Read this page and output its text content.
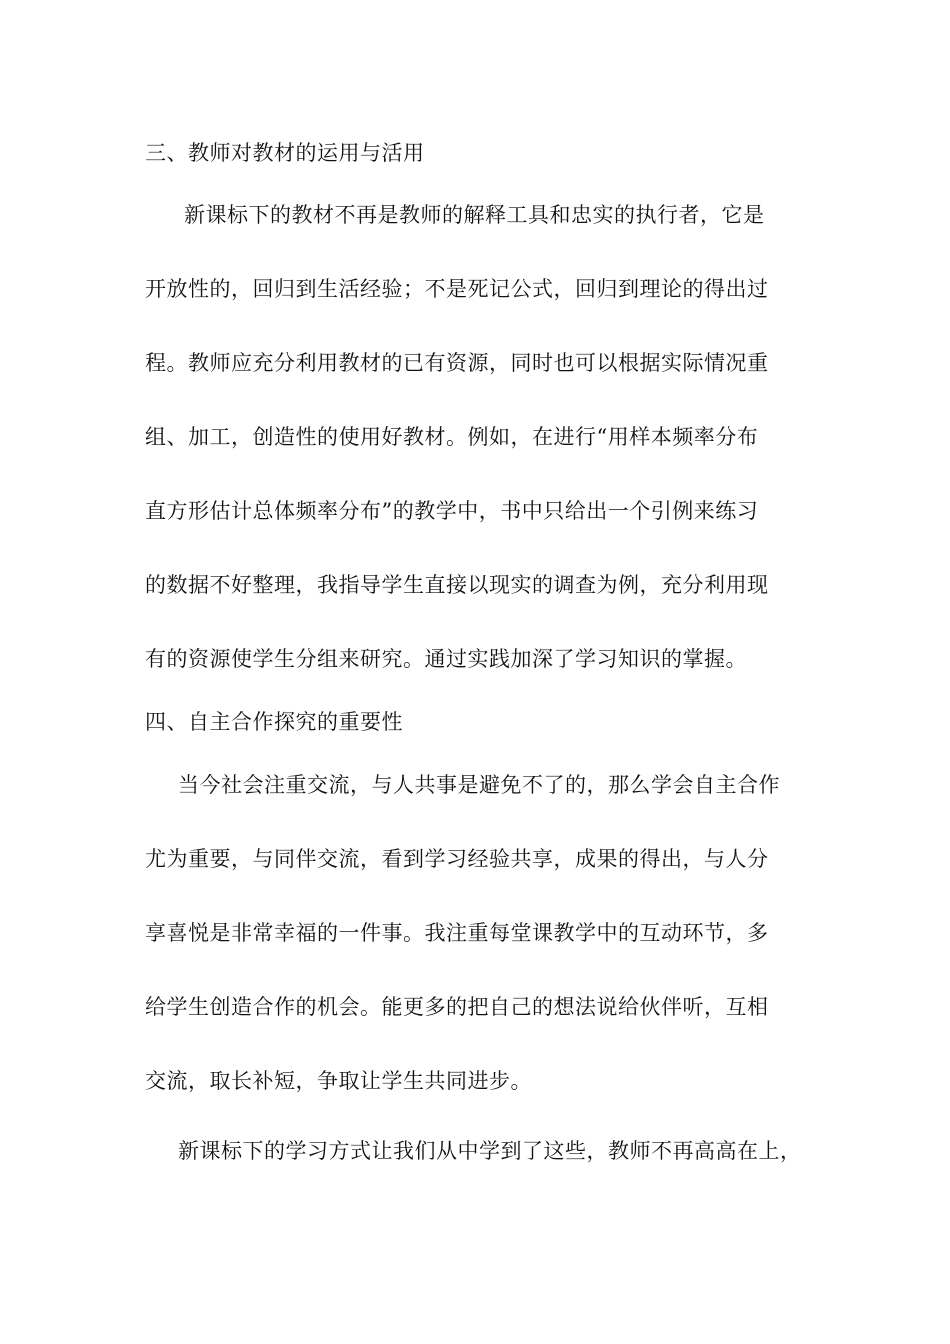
三、教师对教材的运用与活用
新课标下的教材不再是教师的解释工具和忠实的执行者，它是
开放性的，回归到生活经验；不是死记公式，回归到理论的得出过
程。教师应充分利用教材的已有资源，同时也可以根据实际情况重
组、加工，创造性的使用好教材。例如，在进行“用样本频率分布
直方形估计总体频率分布”的教学中，书中只给出一个引例来练习
的数据不好整理，我指导学生直接以现实的调查为例，充分利用现
有的资源使学生分组来研究。通过实践加深了学习知识的掌握。
四、自主合作探究的重要性
当今社会注重交流，与人共事是避免不了的，那么学会自主合作
尤为重要，与同伴交流，看到学习经验共享，成果的得出，与人分
享喜悦是非常幸福的一件事。我注重每堂课教学中的互动环节，多
给学生创造合作的机会。能更多的把自己的想法说给伙伴听，互相
交流，取长补短，争取让学生共同进步。
新课标下的学习方式让我们从中学到了这些，教师不再高高在上，
